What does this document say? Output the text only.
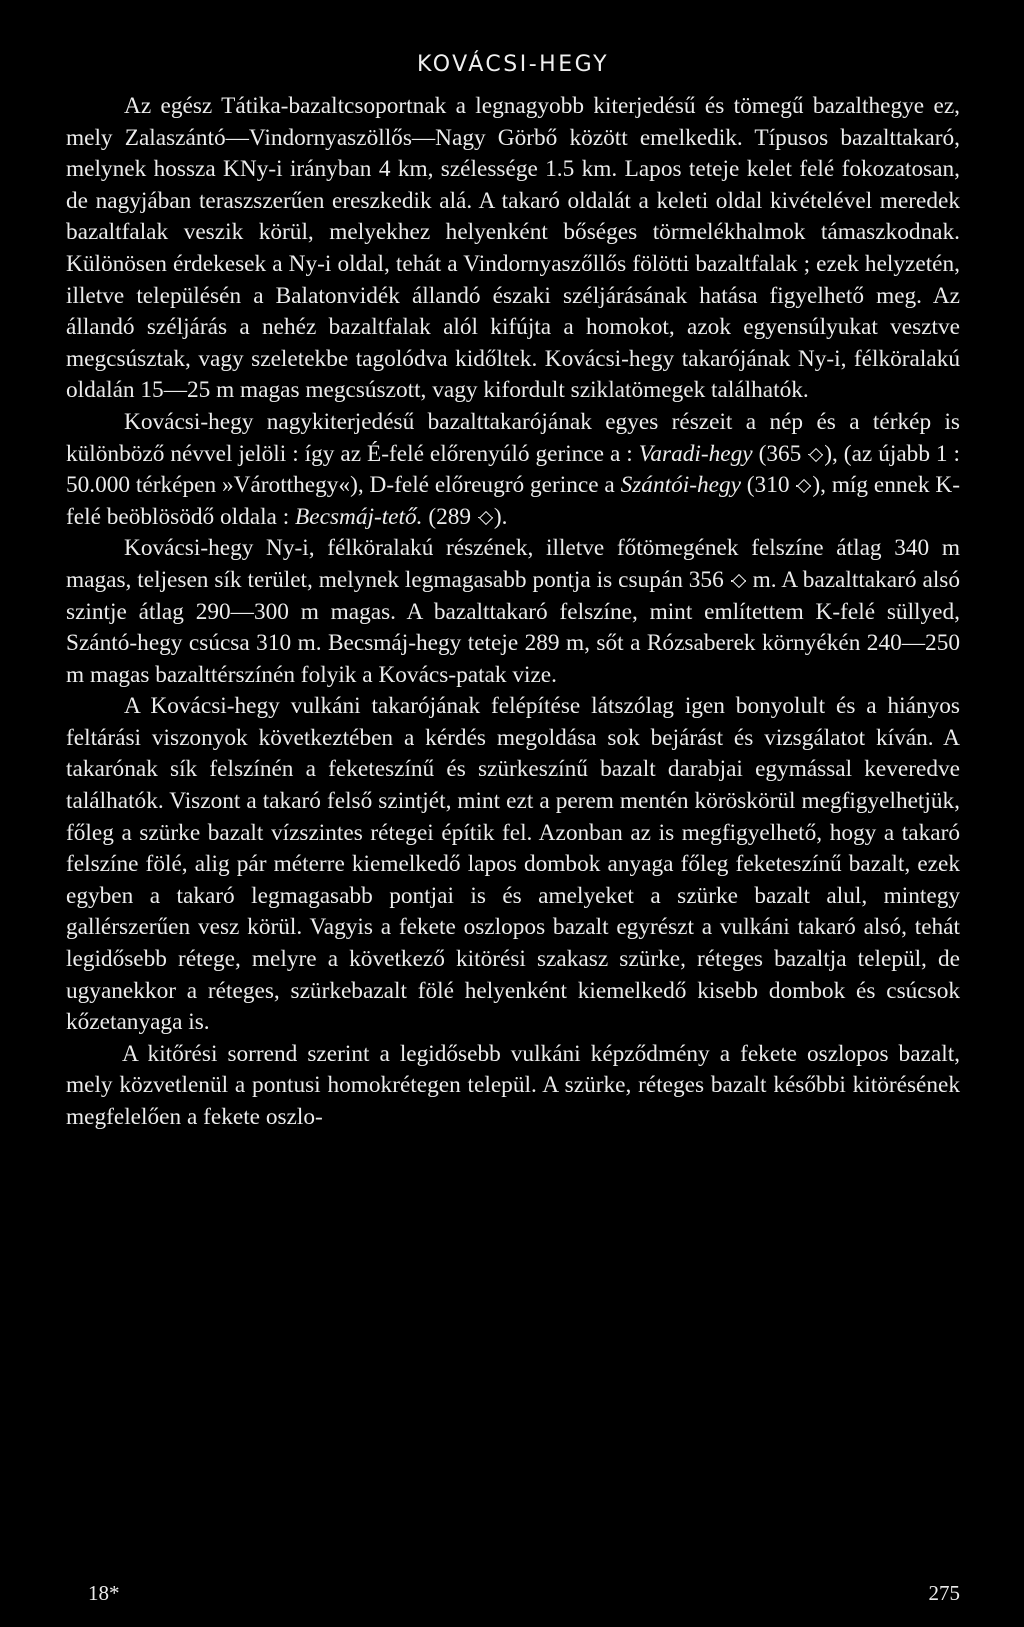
KOVÁCSI-HEGY

Az egész Tátika-bazaltcsoportnak a legnagyobb kiterjedésű és tömegű bazalthegye ez, mely Zalaszántó—Vindornyaszöllős—Nagy Görbő között emelkedik. Típusos bazalttakaró, melynek hossza KNy-i irányban 4 km, szélessége 1.5 km. Lapos teteje kelet felé fokozatosan, de nagyjában teraszszerűen ereszkedik alá. A takaró oldalát a keleti oldal kivételével meredek bazaltfalak veszik körül, melyekhez helyenként bőséges törmelékhalmok támaszkodnak. Különösen érdekesek a Ny-i oldal, tehát a Vindornyaszőllős fölötti bazaltfalak ; ezek helyzetén, illetve településén a Balatonvidék állandó északi széljárásának hatása figyelhető meg. Az állandó széljárás a nehéz bazaltfalak alól kifújta a homokot, azok egyensúlyukat vesztve megcsúsztak, vagy szeletekbe tagolódva kidőltek. Kovácsi-hegy takarójának Ny-i, félköralakú oldalán 15—25 m magas megcsúszott, vagy kifordult sziklatömegek találhatók.

Kovácsi-hegy nagykiterjedésű bazalttakarójának egyes részeit a nép és a térkép is különböző névvel jelöli : így az É-felé előrenyúló gerince a : Varadi-hegy (365 ), (az újabb 1 : 50.000 térképen »Várotthegy«), D-felé előreugró gerince a Szántói-hegy (310 ), míg ennek K-felé beöblösödő oldala : Becsmáj-tető. (289 ).

Kovácsi-hegy Ny-i, félköralakú részének, illetve főtömegének felszíne átlag 340 m magas, teljesen sík terület, melynek legmagasabb pontja is csupán 356 m. A bazalttakaró alsó szintje átlag 290—300 m magas. A bazalttakaró felszíne, mint említettem K-felé süllyed, Szántó-hegy csúcsa 310 m. Becsmáj-hegy teteje 289 m, sőt a Rózsaberek környékén 240—250 m magas bazalttérszínén folyik a Kovács-patak vize.

A Kovácsi-hegy vulkáni takarójának felépítése látszólag igen bonyolult és a hiányos feltárási viszonyok következtében a kérdés megoldása sok bejárást és vizsgálatot kíván. A takarónak sík felszínén a feketeszínű és szürkeszínű bazalt darabjai egymással keveredve találhatók. Viszont a takaró felső szintjét, mint ezt a perem mentén köröskörül megfigyelhetjük, főleg a szürke bazalt vízszintes rétegei építik fel. Azonban az is megfigyelhető, hogy a takaró felszíne fölé, alig pár méterre kiemelkedő lapos dombok anyaga főleg feketeszínű bazalt, ezek egyben a takaró legmagasabb pontjai is és amelyeket a szürke bazalt alul, mintegy gallérszerűen vesz körül. Vagyis a fekete oszlopos bazalt egyrészt a vulkáni takaró alsó, tehát legidősebb rétege, melyre a következő kitörési szakasz szürke, réteges bazaltja települ, de ugyanekkor a réteges, szürkebazalt fölé helyenként kiemelkedő kisebb dombok és csúcsok kőzetanyaga is.

A kitőrési sorrend szerint a legidősebb vulkáni képződmény a fekete oszlopos bazalt, mely közvetlenül a pontusi homokrétegen települ. A szürke, réteges bazalt későbbi kitörésének megfelelően a fekete oszlo-

18*	275
